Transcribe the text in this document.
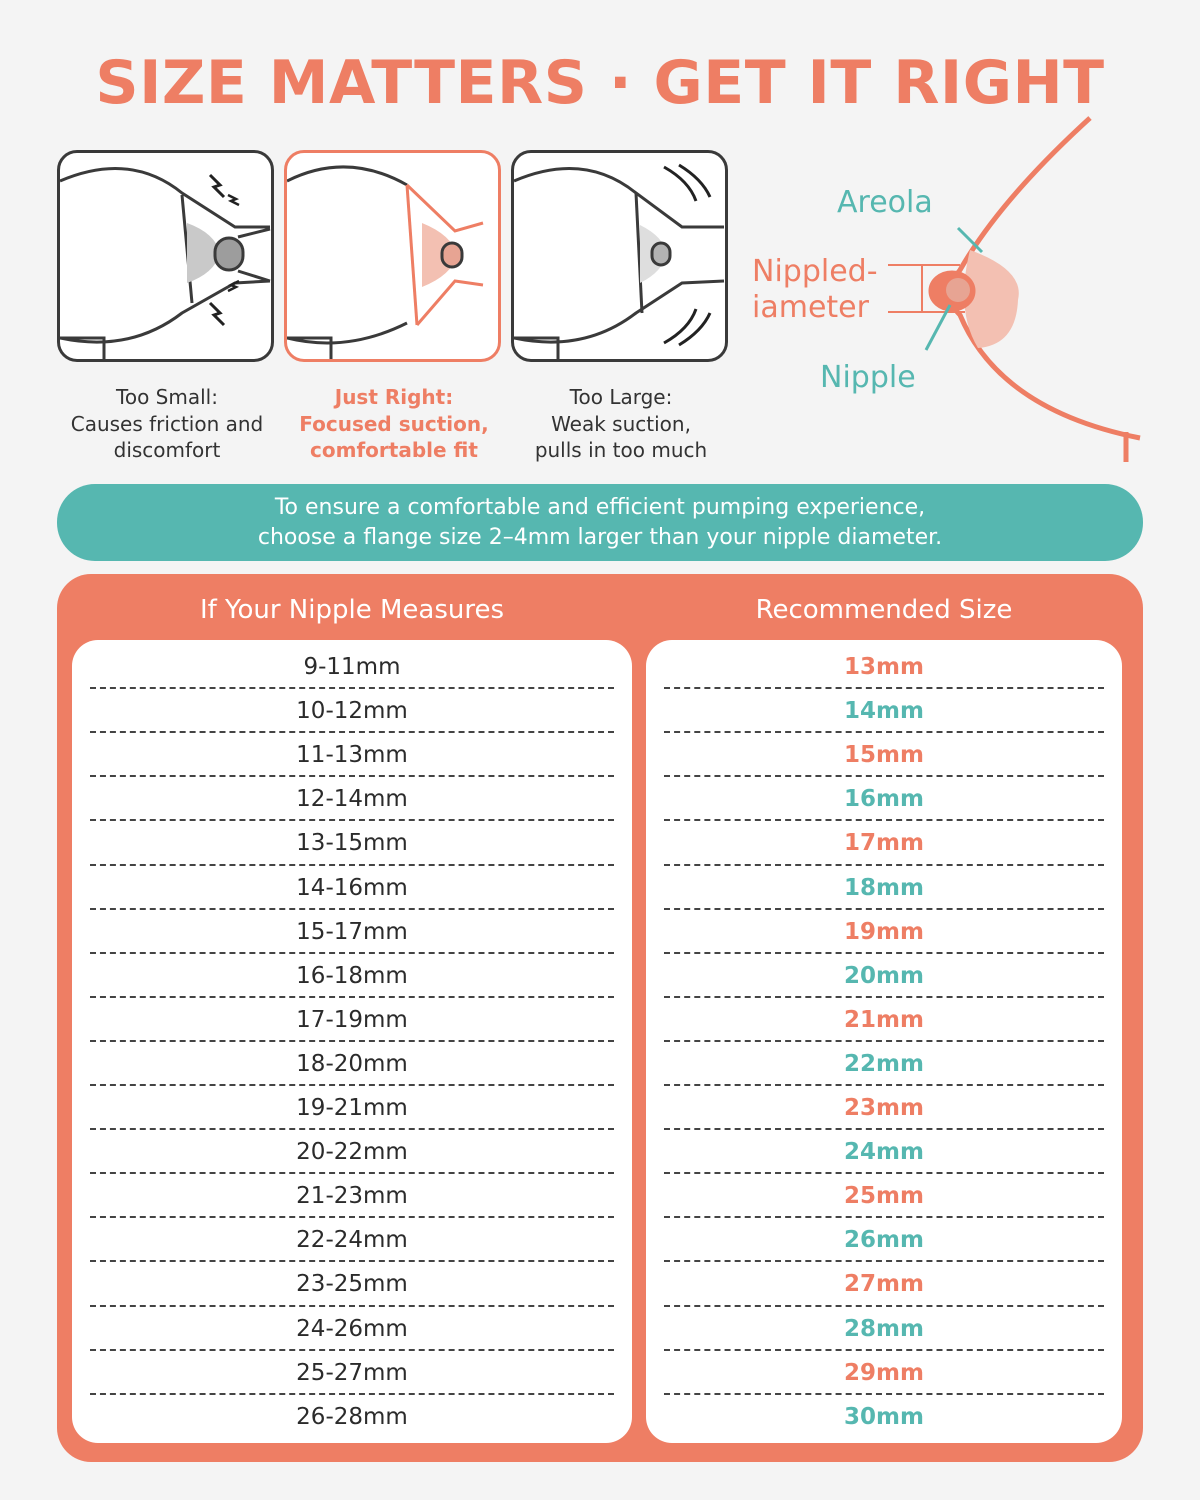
SIZE MATTERS · GET IT RIGHT
Too Small:
Causes friction and
discomfort
Just Right:
Focused suction,
comfortable fit
Too Large:
Weak suction,
pulls in too much
Areola
Nippled-
iameter
Nipple
To ensure a comfortable and efficient pumping experience,
choose a flange size 2–4mm larger than your nipple diameter.
If Your Nipple Measures	Recommended Size
9-11mm
10-12mm
11-13mm
12-14mm
13-15mm
14-16mm
15-17mm
16-18mm
17-19mm
18-20mm
19-21mm
20-22mm
21-23mm
22-24mm
23-25mm
24-26mm
25-27mm
26-28mm
13mm
14mm
15mm
16mm
17mm
18mm
19mm
20mm
21mm
22mm
23mm
24mm
25mm
26mm
27mm
28mm
29mm
30mm
